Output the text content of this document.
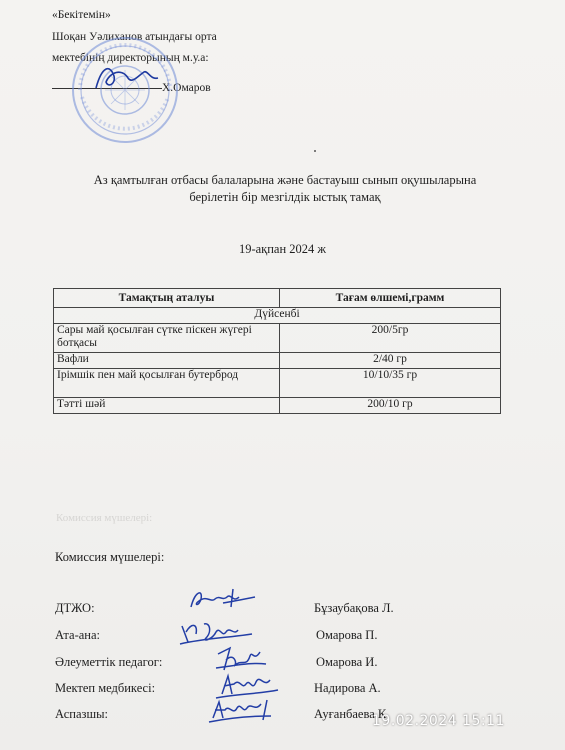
«Бекітемін»
Шоқан Уәлиханов атындағы орта
мектебінің директорының м.у.а:
Х.Омаров
Аз қамтылған отбасы балаларына және бастауыш сынып оқушыларына
берілетін бір мезгілдік ыстық тамақ
19-ақпан 2024 ж
Тамақтың аталуы	Тағам өлшемі,грамм
Дүйсенбі	
Сары май қосылған сүтке піскен жүгері ботқасы	200/5гр
Вафли	2/40 гр
Ірімшік пен май қосылған бутерброд	10/10/35 гр
Тәтті шәй	200/10 гр
Комиссия мүшелері:
Комиссия мүшелері:
ДТЖО:	Бұзаубақова Л.
Ата-ана:	Омарова П.
Әлеуметтік педагог:	Омарова И.
Мектеп медбикесі:	Надирова А.
Аспазшы:	Ауғанбаева К
19.02.2024 15:11
